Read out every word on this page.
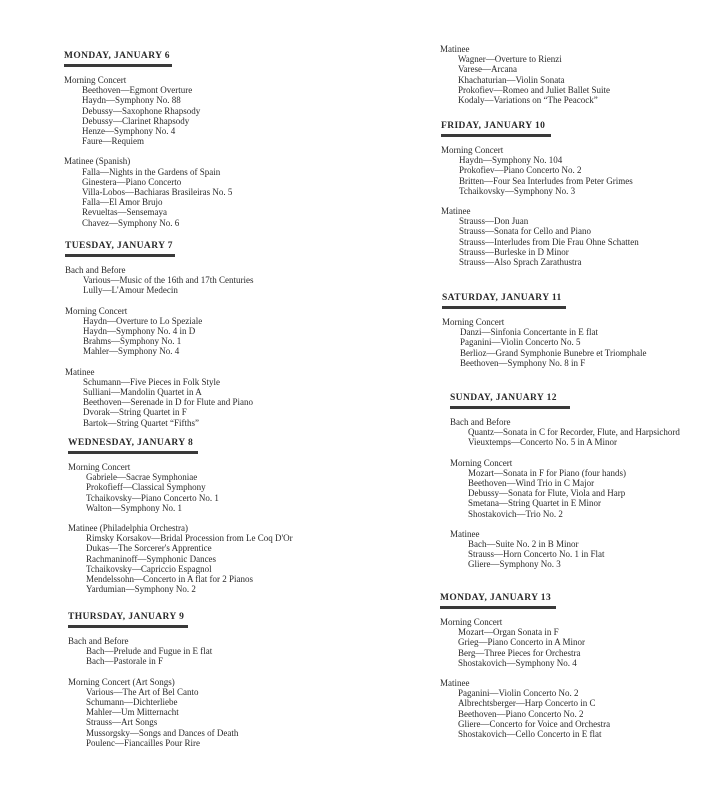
MONDAY, JANUARY 6
Morning Concert
Beethoven—Egmont Overture
Haydn—Symphony No. 88
Debussy—Saxophone Rhapsody
Debussy—Clarinet Rhapsody
Henze—Symphony No. 4
Faure—Requiem
Matinee (Spanish)
Falla—Nights in the Gardens of Spain
Ginestera—Piano Concerto
Villa-Lobos—Bachiaras Brasileiras No. 5
Falla—El Amor Brujo
Revueltas—Sensemaya
Chavez—Symphony No. 6
TUESDAY, JANUARY 7
Bach and Before
Various—Music of the 16th and 17th Centuries
Lully—L'Amour Medecin
Morning Concert
Haydn—Overture to Lo Speziale
Haydn—Symphony No. 4 in D
Brahms—Symphony No. 1
Mahler—Symphony No. 4
Matinee
Schumann—Five Pieces in Folk Style
Sulliani—Mandolin Quartet in A
Beethoven—Serenade in D for Flute and Piano
Dvorak—String Quartet in F
Bartok—String Quartet “Fifths”
WEDNESDAY, JANUARY 8
Morning Concert
Gabriele—Sacrae Symphoniae
Prokofieff—Classical Symphony
Tchaikovsky—Piano Concerto No. 1
Walton—Symphony No. 1
Matinee (Philadelphia Orchestra)
Rimsky Korsakov—Bridal Procession from Le Coq D'Or
Dukas—The Sorcerer's Apprentice
Rachmaninoff—Symphonic Dances
Tchaikovsky—Capriccio Espagnol
Mendelssohn—Concerto in A flat for 2 Pianos
Yardumian—Symphony No. 2
THURSDAY, JANUARY 9
Bach and Before
Bach—Prelude and Fugue in E flat
Bach—Pastorale in F
Morning Concert (Art Songs)
Various—The Art of Bel Canto
Schumann—Dichterliebe
Mahler—Um Mitternacht
Strauss—Art Songs
Mussorgsky—Songs and Dances of Death
Poulenc—Fiancailles Pour Rire
Matinee
Wagner—Overture to Rienzi
Varese—Arcana
Khachaturian—Violin Sonata
Prokofiev—Romeo and Juliet Ballet Suite
Kodaly—Variations on “The Peacock”
FRIDAY, JANUARY 10
Morning Concert
Haydn—Symphony No. 104
Prokofiev—Piano Concerto No. 2
Britten—Four Sea Interludes from Peter Grimes
Tchaikovsky—Symphony No. 3
Matinee
Strauss—Don Juan
Strauss—Sonata for Cello and Piano
Strauss—Interludes from Die Frau Ohne Schatten
Strauss—Burleske in D Minor
Strauss—Also Sprach Zarathustra
SATURDAY, JANUARY 11
Morning Concert
Danzi—Sinfonia Concertante in E flat
Paganini—Violin Concerto No. 5
Berlioz—Grand Symphonie Bunebre et Triomphale
Beethoven—Symphony No. 8 in F
SUNDAY, JANUARY 12
Bach and Before
Quantz—Sonata in C for Recorder, Flute, and Harpsichord
Vieuxtemps—Concerto No. 5 in A Minor
Morning Concert
Mozart—Sonata in F for Piano (four hands)
Beethoven—Wind Trio in C Major
Debussy—Sonata for Flute, Viola and Harp
Smetana—String Quartet in E Minor
Shostakovich—Trio No. 2
Matinee
Bach—Suite No. 2 in B Minor
Strauss—Horn Concerto No. 1 in Flat
Gliere—Symphony No. 3
MONDAY, JANUARY 13
Morning Concert
Mozart—Organ Sonata in F
Grieg—Piano Concerto in A Minor
Berg—Three Pieces for Orchestra
Shostakovich—Symphony No. 4
Matinee
Paganini—Violin Concerto No. 2
Albrechtsberger—Harp Concerto in C
Beethoven—Piano Concerto No. 2
Gliere—Concerto for Voice and Orchestra
Shostakovich—Cello Concerto in E flat
